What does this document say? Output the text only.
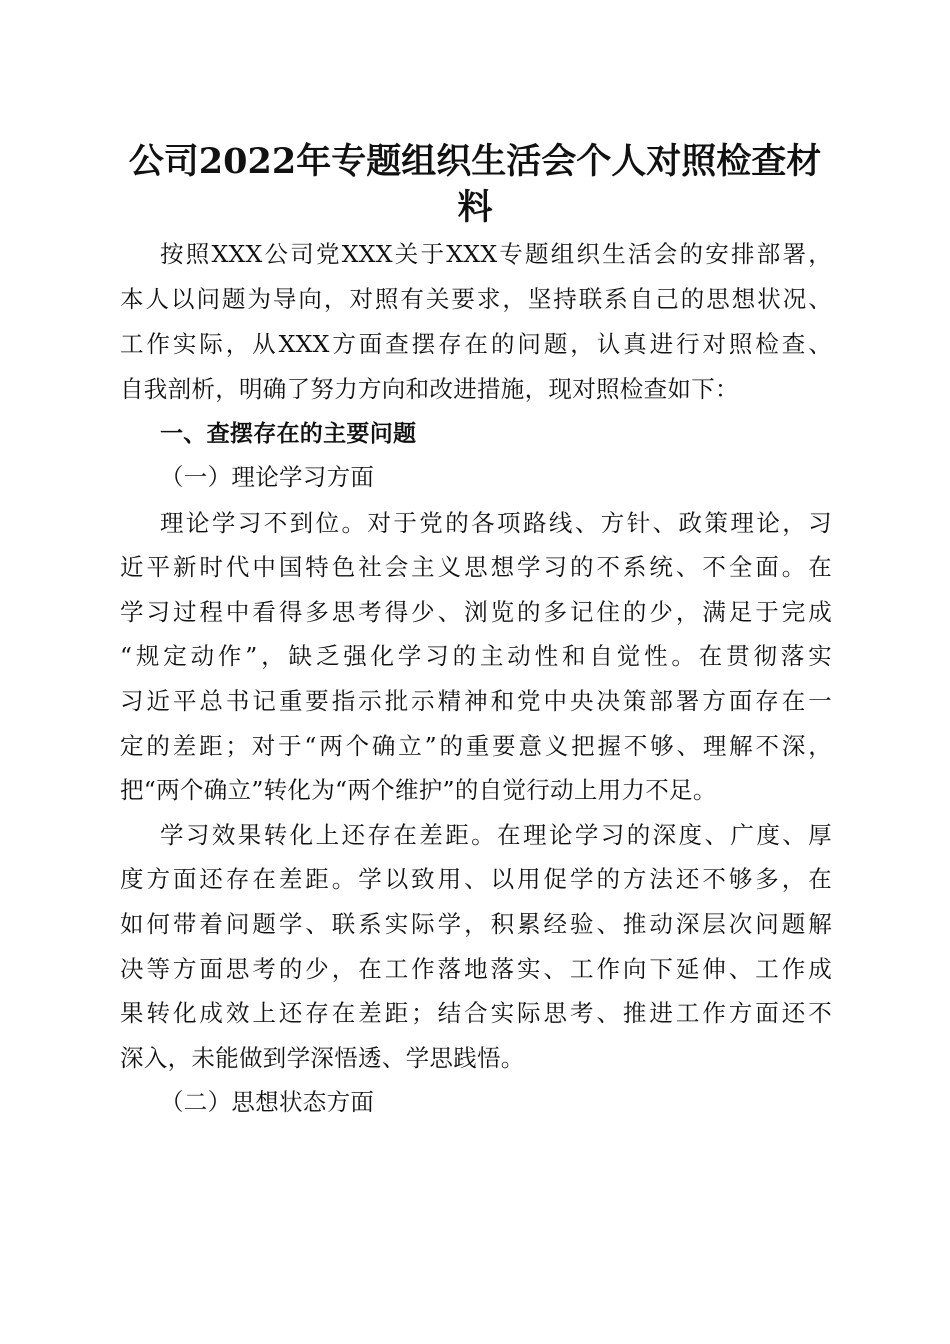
公司2022年专题组织生活会个人对照检查材
料
按照XXX公司党XXX关于XXX专题组织生活会的安排部署，
本人以问题为导向，对照有关要求，坚持联系自己的思想状况、
工作实际，从XXX方面查摆存在的问题，认真进行对照检查、
自我剖析，明确了努力方向和改进措施，现对照检查如下：
一、查摆存在的主要问题
（一）理论学习方面
理论学习不到位。对于党的各项路线、方针、政策理论，习
近平新时代中国特色社会主义思想学习的不系统、不全面。在
学习过程中看得多思考得少、浏览的多记住的少，满足于完成
“规定动作”，缺乏强化学习的主动性和自觉性。在贯彻落实
习近平总书记重要指示批示精神和党中央决策部署方面存在一
定的差距；对于“两个确立”的重要意义把握不够、理解不深，
把“两个确立”转化为“两个维护”的自觉行动上用力不足。
学习效果转化上还存在差距。在理论学习的深度、广度、厚
度方面还存在差距。学以致用、以用促学的方法还不够多，在
如何带着问题学、联系实际学，积累经验、推动深层次问题解
决等方面思考的少，在工作落地落实、工作向下延伸、工作成
果转化成效上还存在差距；结合实际思考、推进工作方面还不
深入，未能做到学深悟透、学思践悟。
（二）思想状态方面
